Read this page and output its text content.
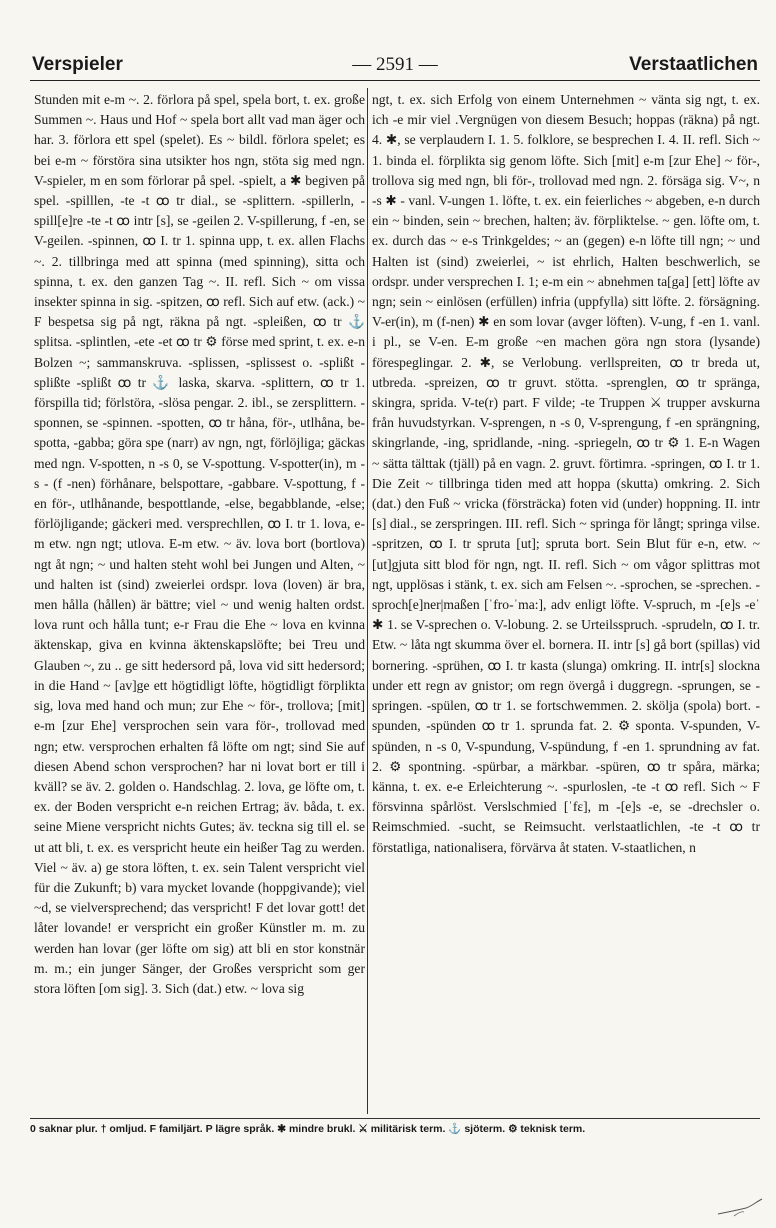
Verspieler	— 2591 —	Verstaatlichen

Stunden mit e-m ~. 2. förlora på spel, spela bort, t. ex. große Summen ~. Haus und Hof ~ spela bort allt vad man äger och har. 3. förlora ett spel (spelet). Es ~ bildl. förlora spelet; es bei e-m ~ förstöra sina utsikter hos ngn, stöta sig med ngn. V-spieler, m en som förlorar på spel. -spielt, a ✱ begiven på spel. -spilllen, -te -t ꝏ tr dial., se -splittern. -spillerln, -spill[e]re -te -t ꝏ intr [s], se -geilen 2. V-spillerung, f -en, se V-geilen. -spinnen, ꝏ I. tr 1. spinna upp, t. ex. allen Flachs ~. 2. tillbringa med att spinna (med spinning), sitta och spinna, t. ex. den ganzen Tag ~. II. refl. Sich ~ om vissa insekter spinna in sig. -spitzen, ꝏ refl. Sich auf etw. (ack.) ~ F bespetsa sig på ngt, räkna på ngt. -spleißen, ꝏ tr ⚓ splitsa. -splintlen, -ete -et ꝏ tr ⚙ förse med sprint, t. ex. e-n Bolzen ~; sammanskruva. -splissen, -splissest o. -splißt -splißte -splißt ꝏ tr ⚓ laska, skarva. -splittern, ꝏ tr 1. förspilla tid; förlstöra, -slösa pengar. 2. ibl., se zersplittern. -sponnen, se -spinnen. -spotten, ꝏ tr håna, för-, utlhåna, be-spotta, -gabba; göra spe (narr) av ngn, ngt, förlöjliga; gäckas med ngn. V-spotten, n -s 0, se V-spottung. V-spotter(in), m -s - (f -nen) förhånare, belspottare, -gabbare. V-spottung, f -en för-, utlhånande, bespottlande, -else, begabblande, -else; förlöjligande; gäckeri med. versprechllen, ꝏ I. tr 1. lova, e-m etw. ngn ngt; utlova. E-m etw. ~ äv. lova bort (bortlova) ngt åt ngn; ~ und halten steht wohl bei Jungen und Alten, ~ und halten ist (sind) zweierlei ordspr. lova (loven) är bra, men hålla (hållen) är bättre; viel ~ und wenig halten ordst. lova runt och hålla tunt; e-r Frau die Ehe ~ lova en kvinna äktenskap, giva en kvinna äktenskapslöfte; bei Treu und Glauben ~, zu .. ge sitt hedersord på, lova vid sitt hedersord; in die Hand ~ [av]ge ett högtidligt löfte, högtidligt förplikta sig, lova med hand och mun; zur Ehe ~ för-, trollova; [mit] e-m [zur Ehe] versprochen sein vara för-, trollovad med ngn; etw. versprochen erhalten få löfte om ngt; sind Sie auf diesen Abend schon versprochen? har ni lovat bort er till i kväll? se äv. 2. golden o. Handschlag. 2. lova, ge löfte om, t. ex. der Boden verspricht e-n reichen Ertrag; äv. båda, t. ex. seine Miene verspricht nichts Gutes; äv. teckna sig till el. se ut att bli, t. ex. es verspricht heute ein heißer Tag zu werden. Viel ~ äv. a) ge stora löften, t. ex. sein Talent verspricht viel für die Zukunft; b) vara mycket lovande (hoppgivande); viel ~d, se vielversprechend; das verspricht! F det lovar gott! det låter lovande! er verspricht ein großer Künstler m. m. zu werden han lovar (ger löfte om sig) att bli en stor konstnär m. m.; ein junger Sänger, der Großes verspricht som ger stora löften [om sig]. 3. Sich (dat.) etw. ~ lova sig

ngt, t. ex. sich Erfolg von einem Unternehmen ~ vänta sig ngt, t. ex. ich -e mir viel .Vergnügen von diesem Besuch; hoppas (räkna) på ngt. 4. ✱, se verplaudern I. 1. 5. folklore, se besprechen I. 4. II. refl. Sich ~ 1. binda el. förplikta sig genom löfte. Sich [mit] e-m [zur Ehe] ~ för-, trollova sig med ngn, bli för-, trollovad med ngn. 2. försäga sig. V~, n -s ✱ - vanl. V-ungen 1. löfte, t. ex. ein feierliches ~ abgeben, e-n durch ein ~ binden, sein ~ brechen, halten; äv. förpliktelse. ~ gen. löfte om, t. ex. durch das ~ e-s Trinkgeldes; ~ an (gegen) e-n löfte till ngn; ~ und Halten ist (sind) zweierlei, ~ ist ehrlich, Halten beschwerlich, se ordspr. under versprechen I. 1; e-m ein ~ abnehmen ta[ga] [ett] löfte av ngn; sein ~ einlösen (erfüllen) infria (uppfylla) sitt löfte. 2. försägning. V-er(in), m (f-nen) ✱ en som lovar (avger löften). V-ung, f -en 1. vanl. i pl., se V-en. E-m große ~en machen göra ngn stora (lysande) förespeglingar. 2. ✱, se Verlobung. verllspreiten, ꝏ tr breda ut, utbreda. -spreizen, ꝏ tr gruvt. stötta. -sprenglen, ꝏ tr spränga, skingra, sprida. V-te(r) part. F vilde; -te Truppen ⚔ trupper avskurna från huvudstyrkan. V-sprengen, n -s 0, V-sprengung, f -en sprängning, skingrlande, -ing, spridlande, -ning. -spriegeln, ꝏ tr ⚙ 1. E-n Wagen ~ sätta tälttak (tjäll) på en vagn. 2. gruvt. förtimra. -springen, ꝏ I. tr 1. Die Zeit ~ tillbringa tiden med att hoppa (skutta) omkring. 2. Sich (dat.) den Fuß ~ vricka (försträcka) foten vid (under) hoppning. II. intr [s] dial., se zerspringen. III. refl. Sich ~ springa för långt; springa vilse. -spritzen, ꝏ I. tr spruta [ut]; spruta bort. Sein Blut für e-n, etw. ~ [ut]gjuta sitt blod för ngn, ngt. II. refl. Sich ~ om vågor splittras mot ngt, upplösas i stänk, t. ex. sich am Felsen ~. -sprochen, se -sprechen. -sproch[e]ner|maßen [ˈfro-ˈma:], adv enligt löfte. V-spruch, m -[e]s -eˈ ✱ 1. se V-sprechen o. V-lobung. 2. se Urteilsspruch. -sprudeln, ꝏ I. tr. Etw. ~ låta ngt skumma över el. bornera. II. intr [s] gå bort (spillas) vid bornering. -sprühen, ꝏ I. tr kasta (slunga) omkring. II. intr[s] slockna under ett regn av gnistor; om regn övergå i duggregn. -sprungen, se -springen. -spülen, ꝏ tr 1. se fortschwemmen. 2. skölja (spola) bort. -spunden, -spünden ꝏ tr 1. sprunda fat. 2. ⚙ sponta. V-spunden, V-spünden, n -s 0, V-spundung, V-spündung, f -en 1. sprundning av fat. 2. ⚙ spontning. -spürbar, a märkbar. -spüren, ꝏ tr spåra, märka; känna, t. ex. e-e Erleichterung ~. -spurloslen, -te -t ꝏ refl. Sich ~ F försvinna spårlöst. Verslschmied [ˈfɛ], m -[e]s -e, se -drechsler o. Reimschmied. -sucht, se Reimsucht. verlstaatlichlen, -te -t ꝏ tr förstatliga, nationalisera, förvärva åt staten. V-staatlichen, n

0 saknar plur. † omljud. F familjärt. P lägre språk. ✱ mindre brukl. ⚔ militärisk term. ⚓ sjöterm. ⚙ teknisk term.
